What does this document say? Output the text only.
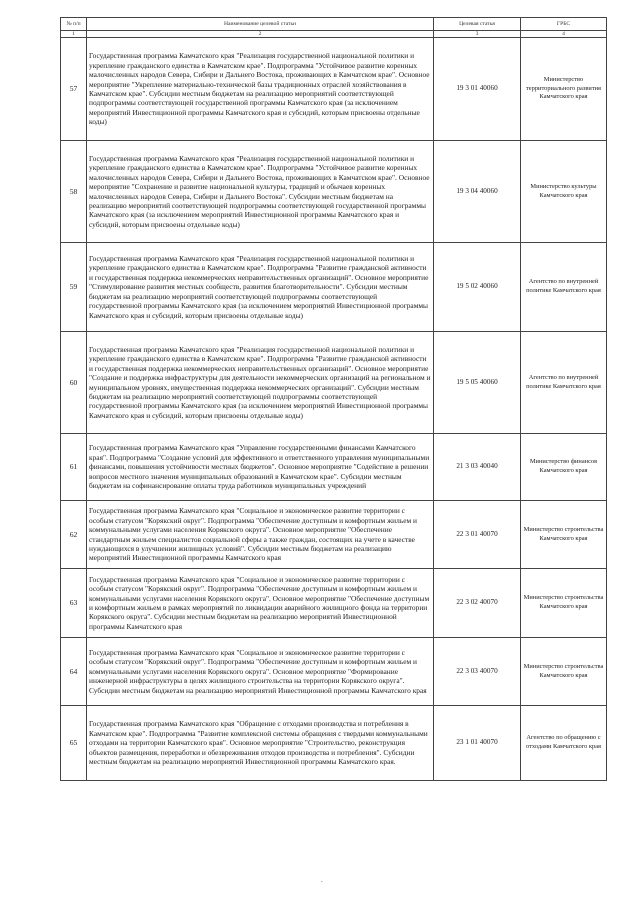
№ п/п	Наименование целевой статьи	Целевая статья	ГРБС
1	2	3	4
57	Государственная программа Камчатского края "Реализация государственной национальной политики и укрепление гражданского единства в Камчатском крае". Подпрограмма "Устойчивое развитие коренных малочисленных народов Севера, Сибири и Дальнего Востока, проживающих в Камчатском крае". Основное мероприятие "Укрепление материально-технической базы традиционных отраслей хозяйствования в Камчатском крае". Субсидии местным бюджетам на реализацию мероприятий соответствующей подпрограммы соответствующей государственной программы Камчатского края (за исключением мероприятий Инвестиционной программы Камчатского края и субсидий, которым присвоены отдельные коды)	19 3 01 40060	Министерство территориального развития Камчатского края
58	Государственная программа Камчатского края "Реализация государственной национальной политики и укрепление гражданского единства в Камчатском крае". Подпрограмма "Устойчивое развитие коренных малочисленных народов Севера, Сибири и Дальнего Востока, проживающих в Камчатском крае". Основное мероприятие "Сохранение и развитие национальной культуры, традиций и обычаев коренных малочисленных народов Севера, Сибири и Дальнего Востока". Субсидии местным бюджетам на реализацию мероприятий соответствующей подпрограммы соответствующей государственной программы Камчатского края (за исключением мероприятий Инвестиционной программы Камчатского края и субсидий, которым присвоены отдельные коды)	19 3 04 40060	Министерство культуры Камчатского края
59	Государственная программа Камчатского края "Реализация государственной национальной политики и укрепление гражданского единства в Камчатском крае". Подпрограмма "Развитие гражданской активности и государственная поддержка некоммерческих неправительственных организаций". Основное мероприятие "Стимулирование развития местных сообществ, развития благотворительности". Субсидии местным бюджетам на реализацию мероприятий соответствующей подпрограммы соответствующей государственной программы Камчатского края (за исключением мероприятий Инвестиционной программы Камчатского края и субсидий, которым присвоены отдельные коды)	19 5 02 40060	Агентство по внутренней политике Камчатского края
60	Государственная программа Камчатского края "Реализация государственной национальной политики и укрепление гражданского единства в Камчатском крае". Подпрограмма "Развитие гражданской активности и государственная поддержка некоммерческих неправительственных организаций". Основное мероприятие "Создание и поддержка инфраструктуры для деятельности некоммерческих организаций на региональном и муниципальном уровнях, имущественная поддержка некоммерческих организаций". Субсидии местным бюджетам на реализацию мероприятий соответствующей подпрограммы соответствующей государственной программы Камчатского края (за исключением мероприятий Инвестиционной программы Камчатского края и субсидий, которым присвоены отдельные коды)	19 5 05 40060	Агентство по внутренней политике Камчатского края
61	Государственная программа Камчатского края "Управление государственными финансами Камчатского края". Подпрограмма "Создание условий для эффективного и ответственного управления муниципальными финансами, повышения устойчивости местных бюджетов". Основное мероприятие "Содействие в решении вопросов местного значения муниципальных образований в Камчатском крае". Субсидии местным бюджетам на софинансирование оплаты труда работников муниципальных учреждений	21 3 03 40040	Министерство финансов Камчатского края
62	Государственная программа Камчатского края "Социальное и экономическое развитие территории с особым статусом "Корякский округ". Подпрограмма "Обеспечение доступным и комфортным жильем и коммунальными услугами населения Корякского округа". Основное мероприятие "Обеспечение стандартным жильем специалистов социальной сферы а также граждан, состоящих на учете в качестве нуждающихся в улучшении жилищных условий". Субсидии местным бюджетам на реализацию мероприятий Инвестиционной программы Камчатского края	22 3 01 40070	Министерство строительства Камчатского края
63	Государственная программа Камчатского края "Социальное и экономическое развитие территории с особым статусом "Корякский округ". Подпрограмма "Обеспечение доступным и комфортным жильем и коммунальными услугами населения Корякского округа". Основное мероприятие "Обеспечение доступным и комфортным жильем в рамках мероприятий по ликвидации аварийного жилищного фонда на территории Корякского округа". Субсидии местным бюджетам на реализацию мероприятий Инвестиционной программы Камчатского края	22 3 02 40070	Министерство строительства Камчатского края
64	Государственная программа Камчатского края "Социальное и экономическое развитие территории с особым статусом "Корякский округ". Подпрограмма "Обеспечение доступным и комфортным жильем и коммунальными услугами населения Корякского округа". Основное мероприятие "Формирование инженерной инфраструктуры в целях жилищного строительства на территории Корякского округа". Субсидии местным бюджетам на реализацию мероприятий Инвестиционной программы Камчатского края	22 3 03 40070	Министерство строительства Камчатского края
65	Государственная программа Камчатского края "Обращение с отходами производства и потребления в Камчатском крае". Подпрограмма "Развитие комплексной системы обращения с твердыми коммунальными отходами на территории Камчатского края". Основное мероприятие "Строительство, реконструкция объектов размещения, переработки и обезвреживания отходов производства и потребления". Субсидии местным бюджетам на реализацию мероприятий Инвестиционной программы Камчатского края.	23 1 01 40070	Агентство по обращению с отходами Камчатского края
.
